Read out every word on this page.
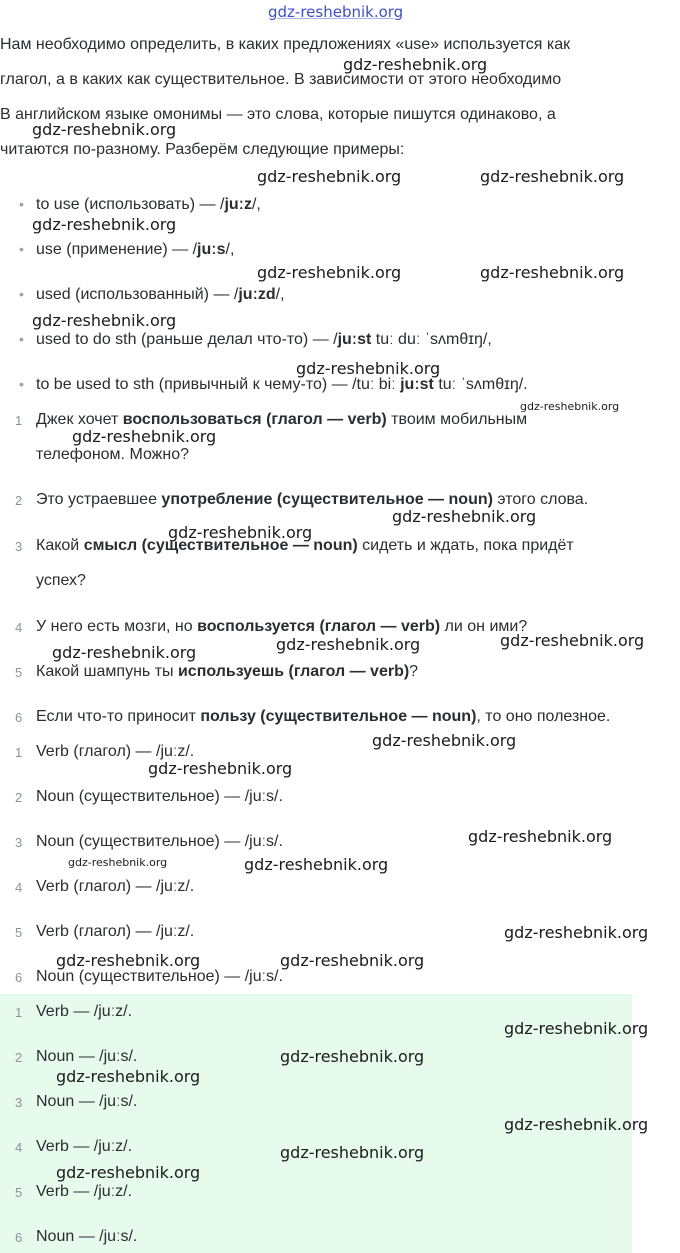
gdz-reshebnik.org
Нам необходимо определить, в каких предложениях «use» используется как
глагол, а в каких как существительное. В зависимости от этого необходимо
В английском языке омонимы — это слова, которые пишутся одинаково, а
читаются по-разному. Разберём следующие примеры:
• to use (использовать) — /juːz/,
• use (применение) — /juːs/,
• used (использованный) — /juːzd/,
• used to do sth (раньше делал что-то) — /juːst tuː duː ˈsʌmθɪŋ/,
• to be used to sth (привычный к чему-то) — /tuː biː juːst tuː ˈsʌmθɪŋ/.
1 Джек хочет воспользоваться (глагол — verb) твоим мобильным
телефоном. Можно?
2 Это устраевшее употребление (существительное — noun) этого слова.
3 Какой смысл (существительное — noun) сидеть и ждать, пока придёт
успех?
4 У него есть мозги, но воспользуется (глагол — verb) ли он ими?
5 Какой шампунь ты используешь (глагол — verb)?
6 Если что-то приносит пользу (существительное — noun), то оно полезное.
1 Verb (глагол) — /juːz/.
2 Noun (существительное) — /juːs/.
3 Noun (существительное) — /juːs/.
4 Verb (глагол) — /juːz/.
5 Verb (глагол) — /juːz/.
6 Noun (существительное) — /juːs/.
1 Verb — /juːz/.
2 Noun — /juːs/.
3 Noun — /juːs/.
4 Verb — /juːz/.
5 Verb — /juːz/.
6 Noun — /juːs/.
gdz-reshebnik.org
gdz-reshebnik.org
gdz-reshebnik.org	gdz-reshebnik.org
gdz-reshebnik.org
gdz-reshebnik.org	gdz-reshebnik.org
gdz-reshebnik.org
gdz-reshebnik.org
gdz-reshebnik.org
gdz-reshebnik.org
gdz-reshebnik.org
gdz-reshebnik.org
gdz-reshebnik.org
gdz-reshebnik.org
gdz-reshebnik.org
gdz-reshebnik.org
gdz-reshebnik.org
gdz-reshebnik.org
gdz-reshebnik.org	gdz-reshebnik.org
gdz-reshebnik.org
gdz-reshebnik.org	gdz-reshebnik.org
gdz-reshebnik.org
gdz-reshebnik.org
gdz-reshebnik.org
gdz-reshebnik.org
gdz-reshebnik.org
gdz-reshebnik.org
